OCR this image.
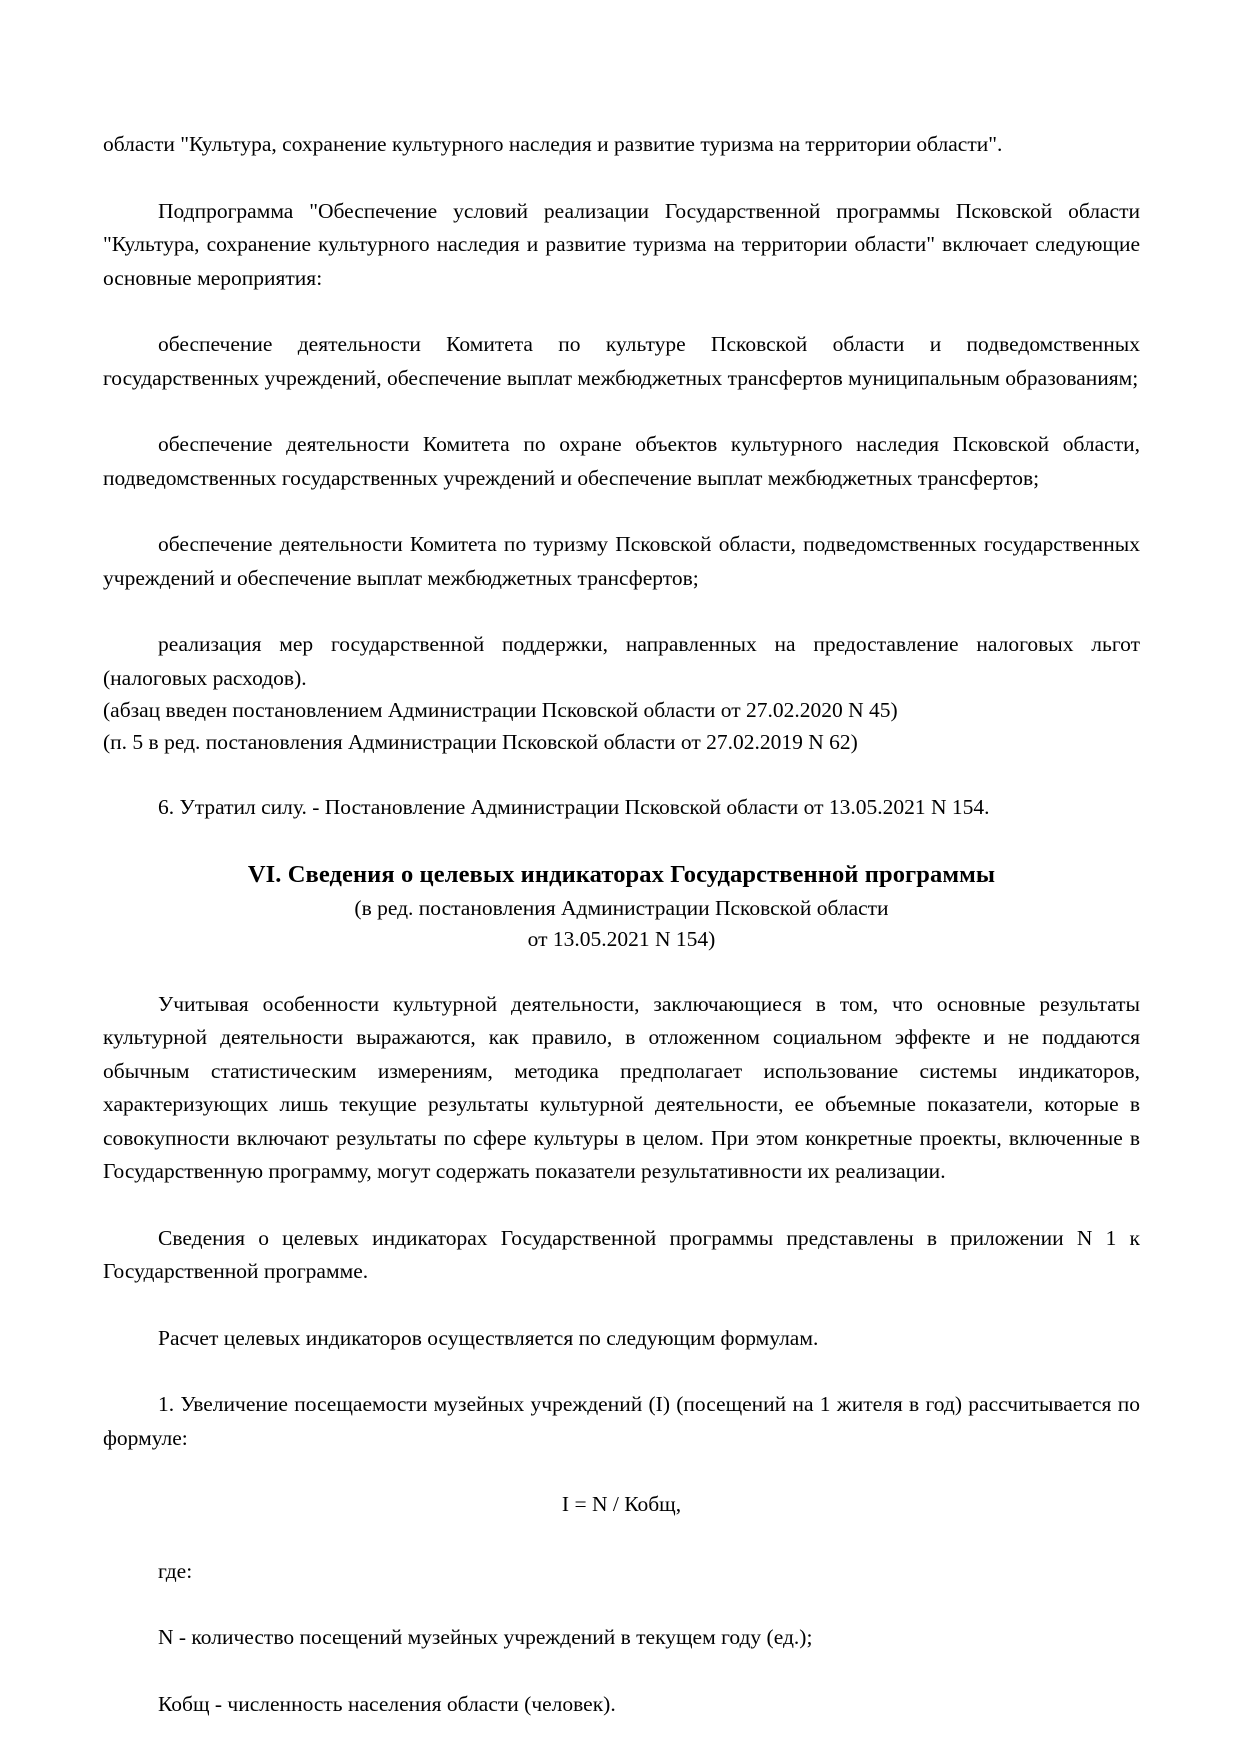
области "Культура, сохранение культурного наследия и развитие туризма на территории области".

Подпрограмма "Обеспечение условий реализации Государственной программы Псковской области "Культура, сохранение культурного наследия и развитие туризма на территории области" включает следующие основные мероприятия:

обеспечение деятельности Комитета по культуре Псковской области и подведомственных государственных учреждений, обеспечение выплат межбюджетных трансфертов муниципальным образованиям;

обеспечение деятельности Комитета по охране объектов культурного наследия Псковской области, подведомственных государственных учреждений и обеспечение выплат межбюджетных трансфертов;

обеспечение деятельности Комитета по туризму Псковской области, подведомственных государственных учреждений и обеспечение выплат межбюджетных трансфертов;

реализация мер государственной поддержки, направленных на предоставление налоговых льгот (налоговых расходов).

(абзац введен постановлением Администрации Псковской области от 27.02.2020 N 45)

(п. 5 в ред. постановления Администрации Псковской области от 27.02.2019 N 62)

6. Утратил силу. - Постановление Администрации Псковской области от 13.05.2021 N 154.

VI. Сведения о целевых индикаторах Государственной программы

(в ред. постановления Администрации Псковской области

от 13.05.2021 N 154)

Учитывая особенности культурной деятельности, заключающиеся в том, что основные результаты культурной деятельности выражаются, как правило, в отложенном социальном эффекте и не поддаются обычным статистическим измерениям, методика предполагает использование системы индикаторов, характеризующих лишь текущие результаты культурной деятельности, ее объемные показатели, которые в совокупности включают результаты по сфере культуры в целом. При этом конкретные проекты, включенные в Государственную программу, могут содержать показатели результативности их реализации.

Сведения о целевых индикаторах Государственной программы представлены в приложении N 1 к Государственной программе.

Расчет целевых индикаторов осуществляется по следующим формулам.

1. Увеличение посещаемости музейных учреждений (I) (посещений на 1 жителя в год) рассчитывается по формуле:

I = N / Кобщ,

где:

N - количество посещений музейных учреждений в текущем году (ед.);

Кобщ - численность населения области (человек).
